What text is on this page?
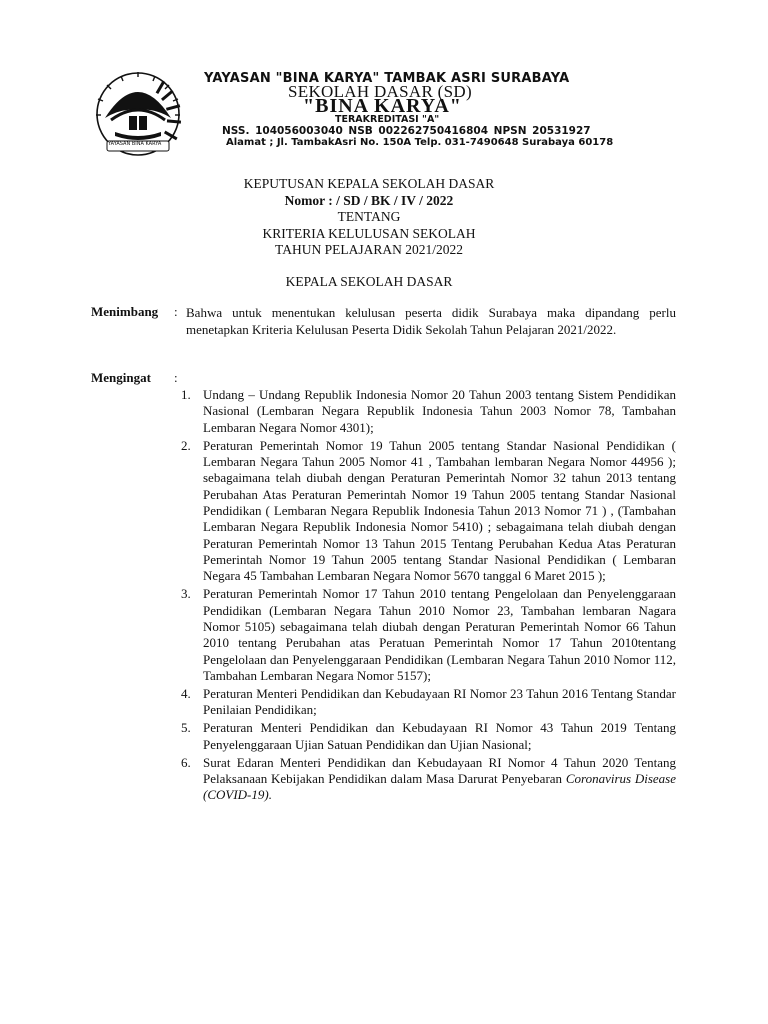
YAYASAN BINA KARYA
YAYASAN "BINA KARYA" TAMBAK ASRI SURABAYA
SEKOLAH DASAR (SD)
"BINA KARYA"
TERAKREDITASI "A"
NSS. 104056003040 NSB 002262750416804 NPSN 20531927
Alamat ; Jl. TambakAsri No. 150A Telp. 031-7490648 Surabaya 60178
KEPUTUSAN KEPALA SEKOLAH DASAR
Nomor : / SD / BK / IV / 2022
TENTANG
KRITERIA KELULUSAN SEKOLAH
TAHUN PELAJARAN 2021/2022
KEPALA SEKOLAH DASAR
Menimbang : Bahwa untuk menentukan kelulusan peserta didik Surabaya maka dipandang perlu menetapkan Kriteria Kelulusan Peserta Didik Sekolah Tahun Pelajaran 2021/2022.
Mengingat :
1. Undang – Undang Republik Indonesia Nomor 20 Tahun 2003 tentang Sistem Pendidikan Nasional (Lembaran Negara Republik Indonesia Tahun 2003 Nomor 78, Tambahan Lembaran Negara Nomor 4301);
2. Peraturan Pemerintah Nomor 19 Tahun 2005 tentang Standar Nasional Pendidikan ( Lembaran Negara Tahun 2005 Nomor 41 , Tambahan lembaran Negara Nomor 44956 ); sebagaimana telah diubah dengan Peraturan Pemerintah Nomor 32 tahun 2013 tentang Perubahan Atas Peraturan Pemerintah Nomor 19 Tahun 2005 tentang Standar Nasional Pendidikan ( Lembaran Negara Republik Indonesia Tahun 2013 Nomor 71 ) , (Tambahan Lembaran Negara Republik Indonesia Nomor 5410) ; sebagaimana telah diubah dengan Peraturan Pemerintah Nomor 13 Tahun 2015 Tentang Perubahan Kedua Atas Peraturan Pemerintah Nomor 19 Tahun 2005 tentang Standar Nasional Pendidikan ( Lembaran Negara 45 Tambahan Lembaran Negara Nomor 5670 tanggal 6 Maret 2015 );
3. Peraturan Pemerintah Nomor 17 Tahun 2010 tentang Pengelolaan dan Penyelenggaraan Pendidikan (Lembaran Negara Tahun 2010 Nomor 23, Tambahan lembaran Nagara Nomor 5105) sebagaimana telah diubah dengan Peraturan Pemerintah Nomor 66 Tahun 2010 tentang Perubahan atas Peratuan Pemerintah Nomor 17 Tahun 2010tentang Pengelolaan dan Penyelenggaraan Pendidikan (Lembaran Negara Tahun 2010 Nomor 112, Tambahan Lembaran Negara Nomor 5157);
4. Peraturan Menteri Pendidikan dan Kebudayaan RI Nomor 23 Tahun 2016 Tentang Standar Penilaian Pendidikan;
5. Peraturan Menteri Pendidikan dan Kebudayaan RI Nomor 43 Tahun 2019 Tentang Penyelenggaraan Ujian Satuan Pendidikan dan Ujian Nasional;
6. Surat Edaran Menteri Pendidikan dan Kebudayaan RI Nomor 4 Tahun 2020 Tentang Pelaksanaan Kebijakan Pendidikan dalam Masa Darurat Penyebaran Coronavirus Disease (COVID-19).
